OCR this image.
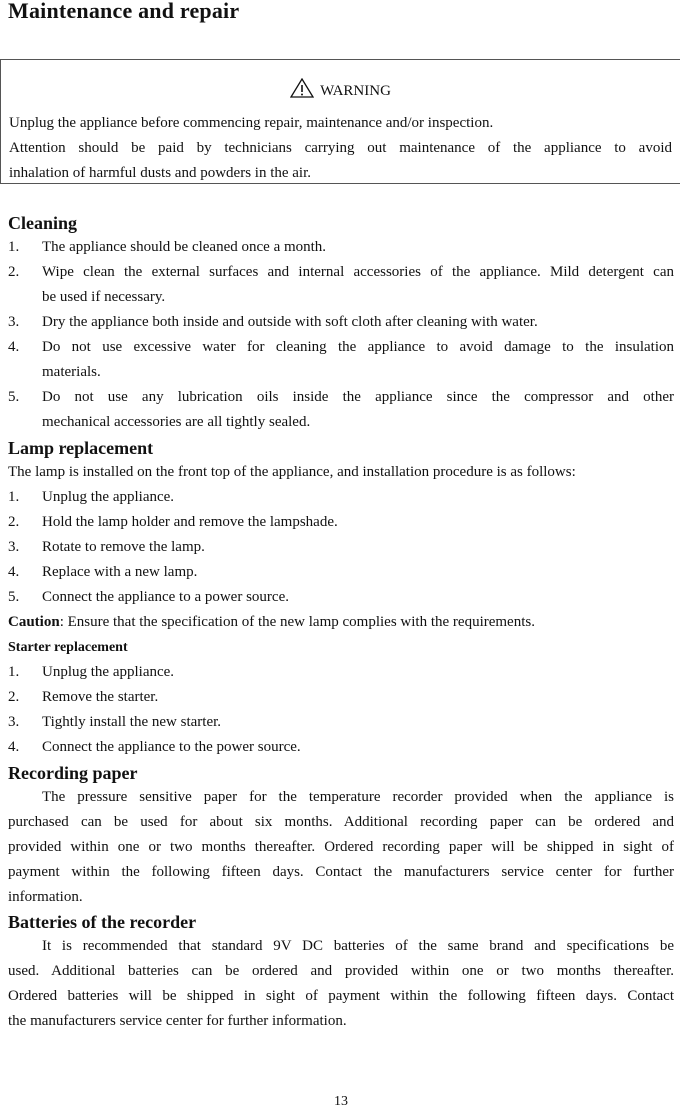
Maintenance and repair
WARNING
Unplug the appliance before commencing repair, maintenance and/or inspection.
Attention should be paid by technicians carrying out maintenance of the appliance to avoid
inhalation of harmful dusts and powders in the air.
Cleaning
1. The appliance should be cleaned once a month.
2. Wipe clean the external surfaces and internal accessories of the appliance. Mild detergent can
be used if necessary.
3. Dry the appliance both inside and outside with soft cloth after cleaning with water.
4. Do not use excessive water for cleaning the appliance to avoid damage to the insulation
materials.
5. Do not use any lubrication oils inside the appliance since the compressor and other
mechanical accessories are all tightly sealed.
Lamp replacement
The lamp is installed on the front top of the appliance, and installation procedure is as follows:
1. Unplug the appliance.
2. Hold the lamp holder and remove the lampshade.
3. Rotate to remove the lamp.
4. Replace with a new lamp.
5. Connect the appliance to a power source.
Caution: Ensure that the specification of the new lamp complies with the requirements.
Starter replacement
1. Unplug the appliance.
2. Remove the starter.
3. Tightly install the new starter.
4. Connect the appliance to the power source.
Recording paper
The pressure sensitive paper for the temperature recorder provided when the appliance is
purchased can be used for about six months. Additional recording paper can be ordered and
provided within one or two months thereafter. Ordered recording paper will be shipped in sight of
payment within the following fifteen days. Contact the manufacturers service center for further
information.
Batteries of the recorder
It is recommended that standard 9V DC batteries of the same brand and specifications be
used. Additional batteries can be ordered and provided within one or two months thereafter.
Ordered batteries will be shipped in sight of payment within the following fifteen days. Contact
the manufacturers service center for further information.
13
